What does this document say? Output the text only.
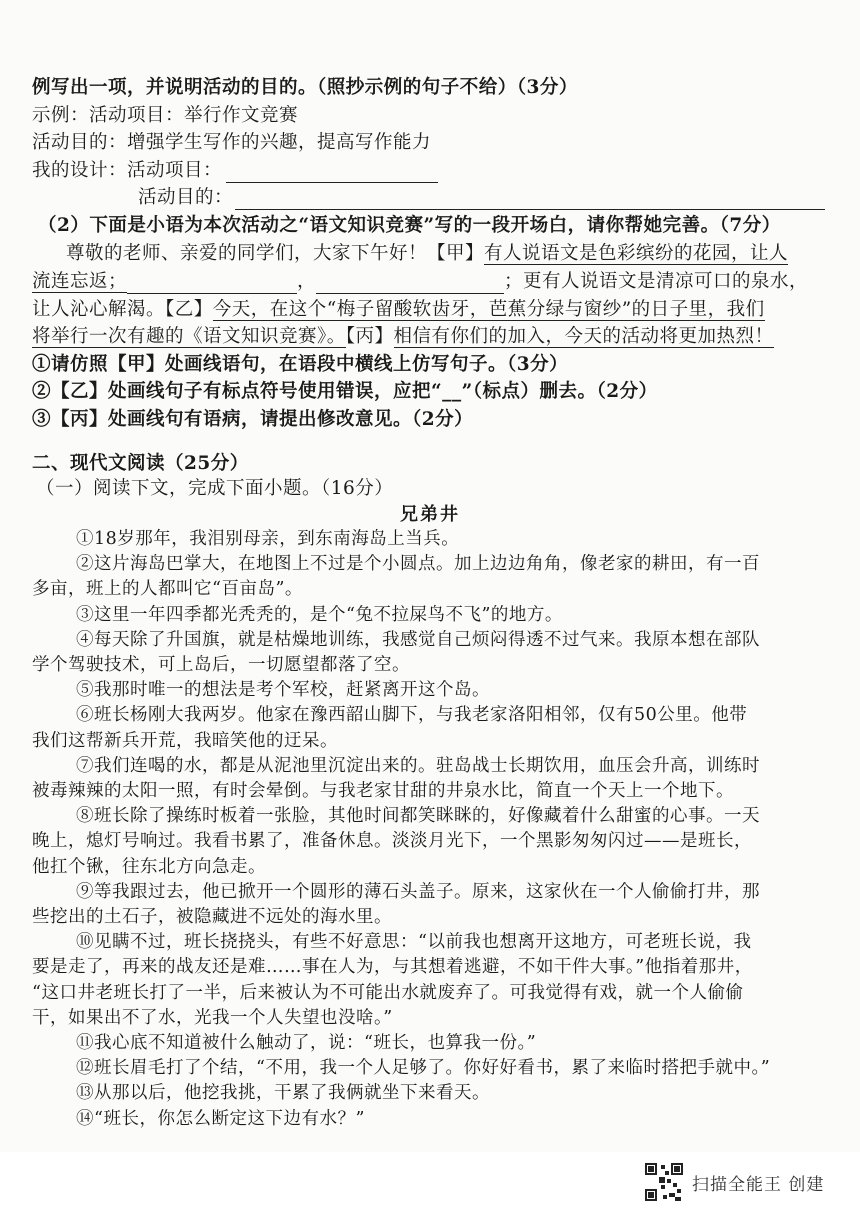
例写出一项，并说明活动的目的。（照抄示例的句子不给）（3分）
示例：活动项目：举行作文竞赛
活动目的：增强学生写作的兴趣，提高写作能力
我的设计：活动项目：
活动目的：
（2）下面是小语为本次活动之“语文知识竞赛”写的一段开场白，请你帮她完善。（7分）
尊敬的老师、亲爱的同学们，大家下午好！【甲】有人说语文是色彩缤纷的花园，让人
流连忘返；	，	；更有人说语文是清凉可口的泉水，
让人沁心解渴。【乙】今天，在这个“梅子留酸软齿牙，芭蕉分绿与窗纱”的日子里，我们
将举行一次有趣的《语文知识竞赛》。【丙】相信有你们的加入，今天的活动将更加热烈！
①请仿照【甲】处画线语句，在语段中横线上仿写句子。（3分）
②【乙】处画线句子有标点符号使用错误，应把“__”（标点）删去。（2分）
③【丙】处画线句有语病，请提出修改意见。（2分）
二、现代文阅读（25分）
（一）阅读下文，完成下面小题。（16分）
兄弟井
①18岁那年，我泪别母亲，到东南海岛上当兵。
②这片海岛巴掌大，在地图上不过是个小圆点。加上边边角角，像老家的耕田，有一百
多亩，班上的人都叫它“百亩岛”。
③这里一年四季都光秃秃的，是个“兔不拉屎鸟不飞”的地方。
④每天除了升国旗，就是枯燥地训练，我感觉自己烦闷得透不过气来。我原本想在部队
学个驾驶技术，可上岛后，一切愿望都落了空。
⑤我那时唯一的想法是考个军校，赶紧离开这个岛。
⑥班长杨刚大我两岁。他家在豫西韶山脚下，与我老家洛阳相邻，仅有50公里。他带
我们这帮新兵开荒，我暗笑他的迂呆。
⑦我们连喝的水，都是从泥池里沉淀出来的。驻岛战士长期饮用，血压会升高，训练时
被毒辣辣的太阳一照，有时会晕倒。与我老家甘甜的井泉水比，简直一个天上一个地下。
⑧班长除了操练时板着一张脸，其他时间都笑眯眯的，好像藏着什么甜蜜的心事。一天
晚上，熄灯号响过。我看书累了，准备休息。淡淡月光下，一个黑影匆匆闪过——是班长，
他扛个锹，往东北方向急走。
⑨等我跟过去，他已掀开一个圆形的薄石头盖子。原来，这家伙在一个人偷偷打井，那
些挖出的土石子，被隐藏进不远处的海水里。
⑩见瞒不过，班长挠挠头，有些不好意思：“以前我也想离开这地方，可老班长说，我
要是走了，再来的战友还是难……事在人为，与其想着逃避，不如干件大事。”他指着那井，
“这口井老班长打了一半，后来被认为不可能出水就废弃了。可我觉得有戏，就一个人偷偷
干，如果出不了水，光我一个人失望也没啥。”
⑪我心底不知道被什么触动了，说：“班长，也算我一份。”
⑫班长眉毛打了个结，“不用，我一个人足够了。你好好看书，累了来临时搭把手就中。”
⑬从那以后，他挖我挑，干累了我俩就坐下来看天。
⑭“班长，你怎么断定这下边有水？”
扫描全能王 创建
